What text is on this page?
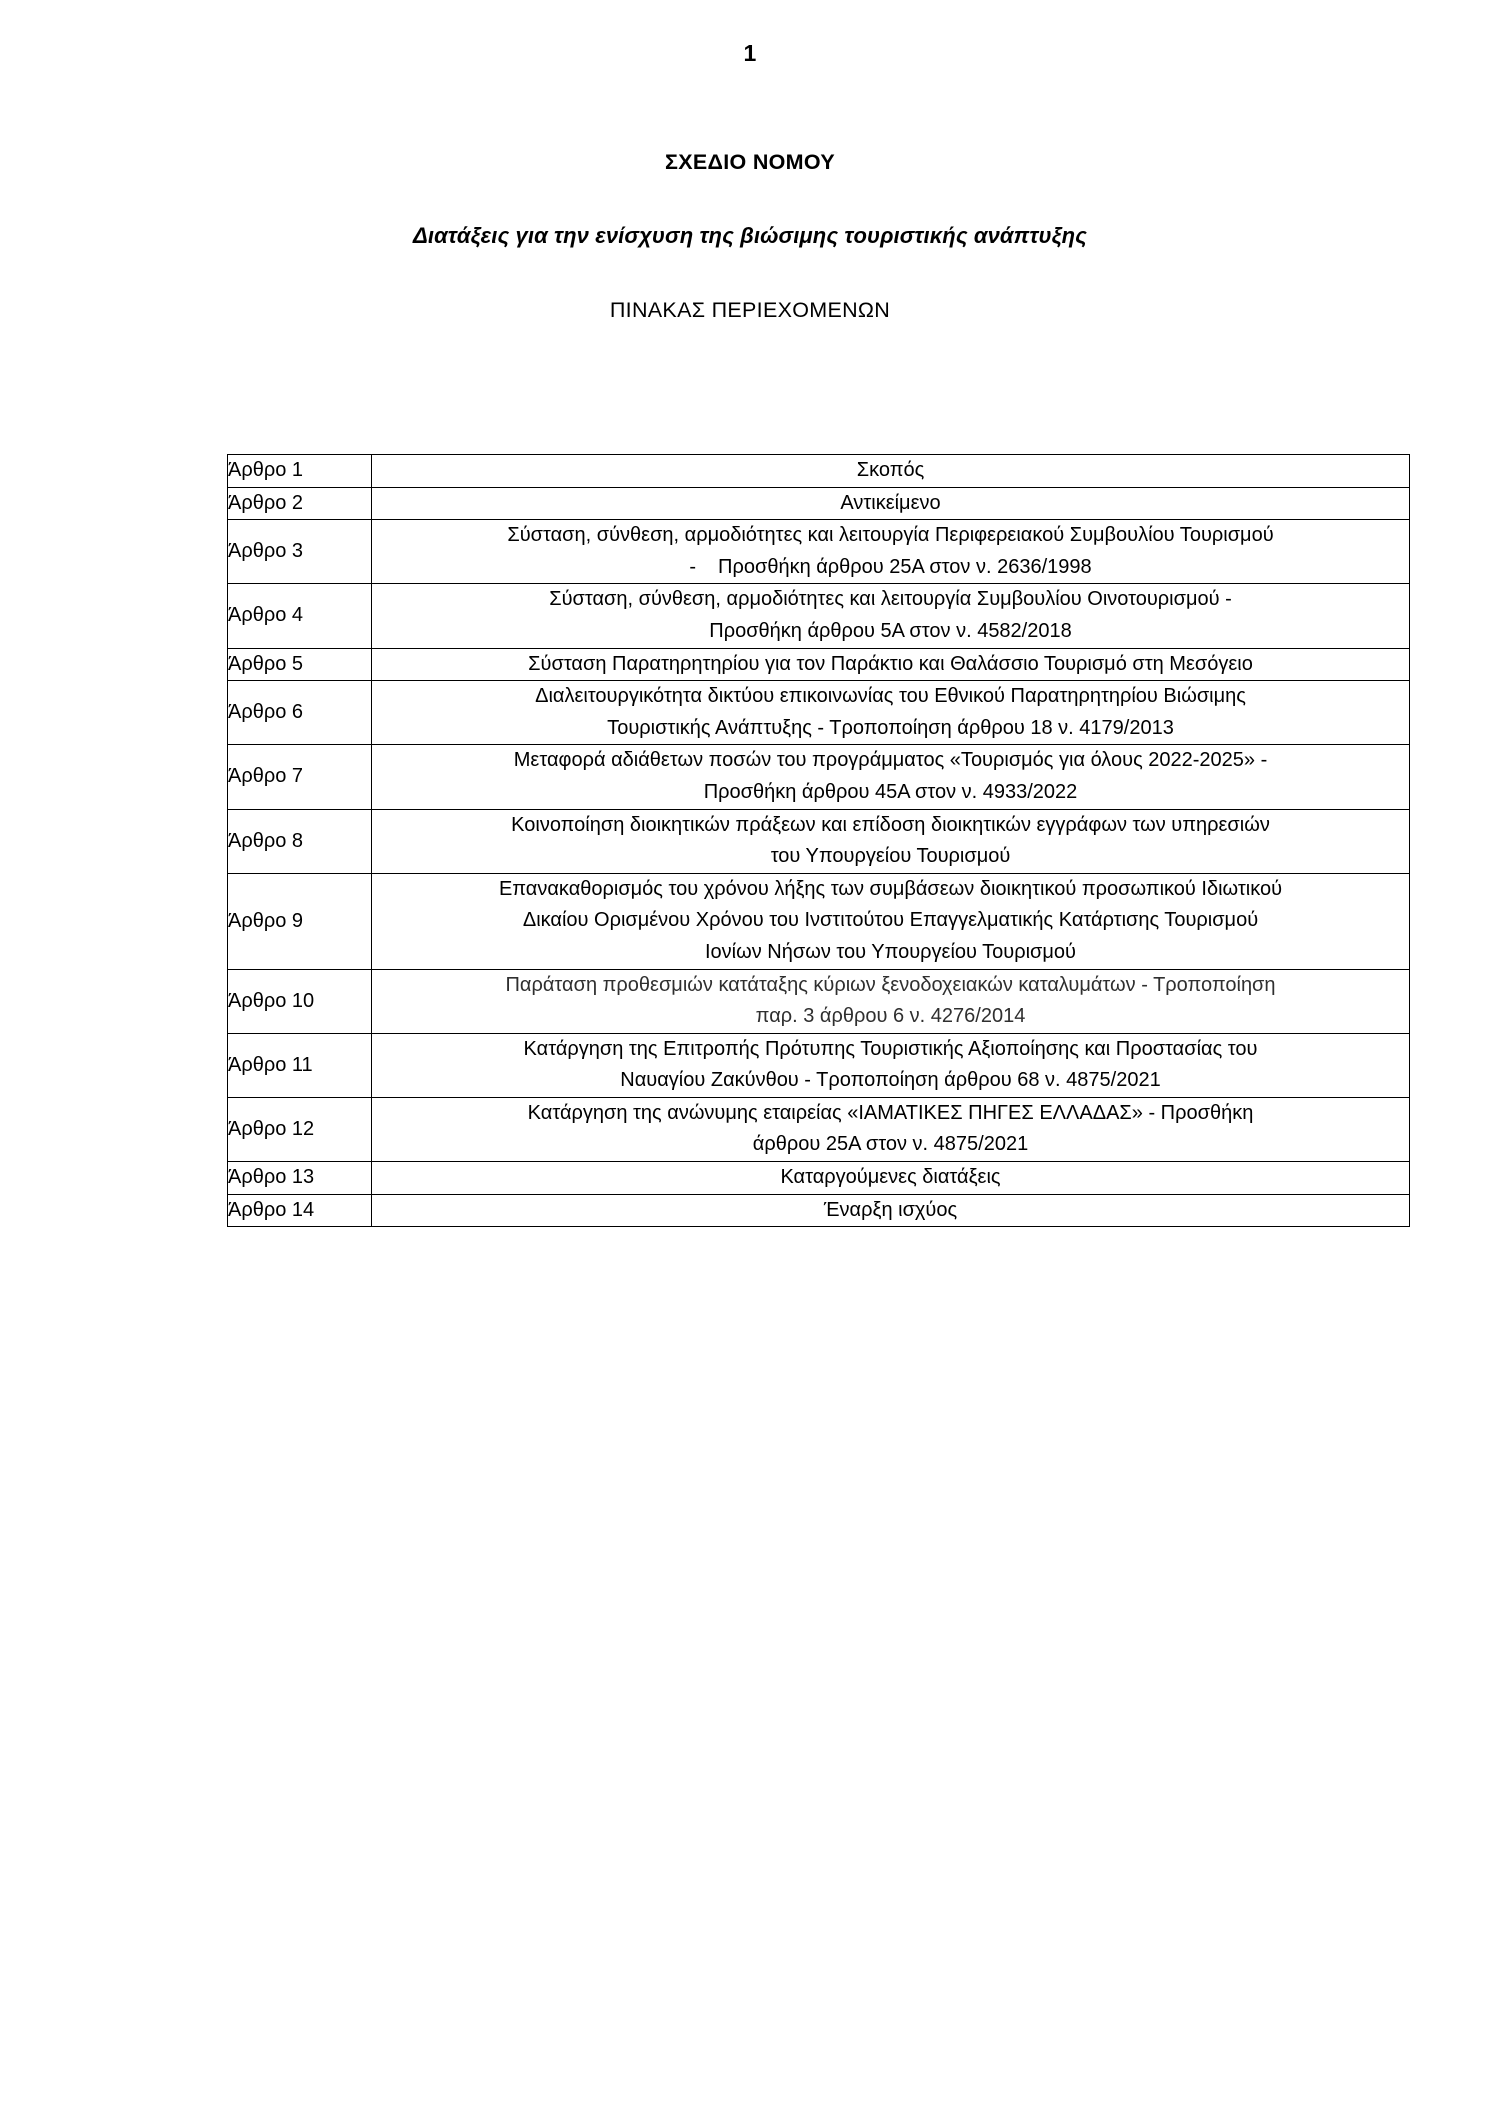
1
ΣΧΕΔΙΟ ΝΟΜΟΥ
Διατάξεις για την ενίσχυση της βιώσιμης τουριστικής ανάπτυξης
ΠΙΝΑΚΑΣ ΠΕΡΙΕΧΟΜΕΝΩΝ
Άρθρο 1	Σκοπός

Άρθρο 2	Αντικείμενο

Άρθρο 3	Σύσταση, σύνθεση, αρμοδιότητες και λειτουργία Περιφερειακού Συμβουλίου Τουρισμού
- Προσθήκη άρθρου 25Α στον ν. 2636/1998

Άρθρο 4	Σύσταση, σύνθεση, αρμοδιότητες και λειτουργία Συμβουλίου Οινοτουρισμού -
Προσθήκη άρθρου 5Α στον ν. 4582/2018

Άρθρο 5	Σύσταση Παρατηρητηρίου για τον Παράκτιο και Θαλάσσιο Τουρισμό στη Μεσόγειο

Άρθρο 6	Διαλειτουργικότητα δικτύου επικοινωνίας του Εθνικού Παρατηρητηρίου Βιώσιμης
Τουριστικής Ανάπτυξης - Τροποποίηση άρθρου 18 ν. 4179/2013

Άρθρο 7	Μεταφορά αδιάθετων ποσών του προγράμματος «Τουρισμός για όλους 2022-2025» -
Προσθήκη άρθρου 45Α στον ν. 4933/2022

Άρθρο 8	Κοινοποίηση διοικητικών πράξεων και επίδοση διοικητικών εγγράφων των υπηρεσιών
του Υπουργείου Τουρισμού

Άρθρο 9	Επανακαθορισμός του χρόνου λήξης των συμβάσεων διοικητικού προσωπικού Ιδιωτικού
Δικαίου Ορισμένου Χρόνου του Ινστιτούτου Επαγγελματικής Κατάρτισης Τουρισμού
Ιονίων Νήσων του Υπουργείου Τουρισμού

Άρθρο 10	Παράταση προθεσμιών κατάταξης κύριων ξενοδοχειακών καταλυμάτων - Τροποποίηση
παρ. 3 άρθρου 6 ν. 4276/2014

Άρθρο 11	Κατάργηση της Επιτροπής Πρότυπης Τουριστικής Αξιοποίησης και Προστασίας του
Ναυαγίου Ζακύνθου - Τροποποίηση άρθρου 68 ν. 4875/2021

Άρθρο 12	Κατάργηση της ανώνυμης εταιρείας «ΙΑΜΑΤΙΚΕΣ ΠΗΓΕΣ ΕΛΛΑΔΑΣ» - Προσθήκη
άρθρου 25Α στον ν. 4875/2021

Άρθρο 13	Καταργούμενες διατάξεις

Άρθρο 14	Έναρξη ισχύος
